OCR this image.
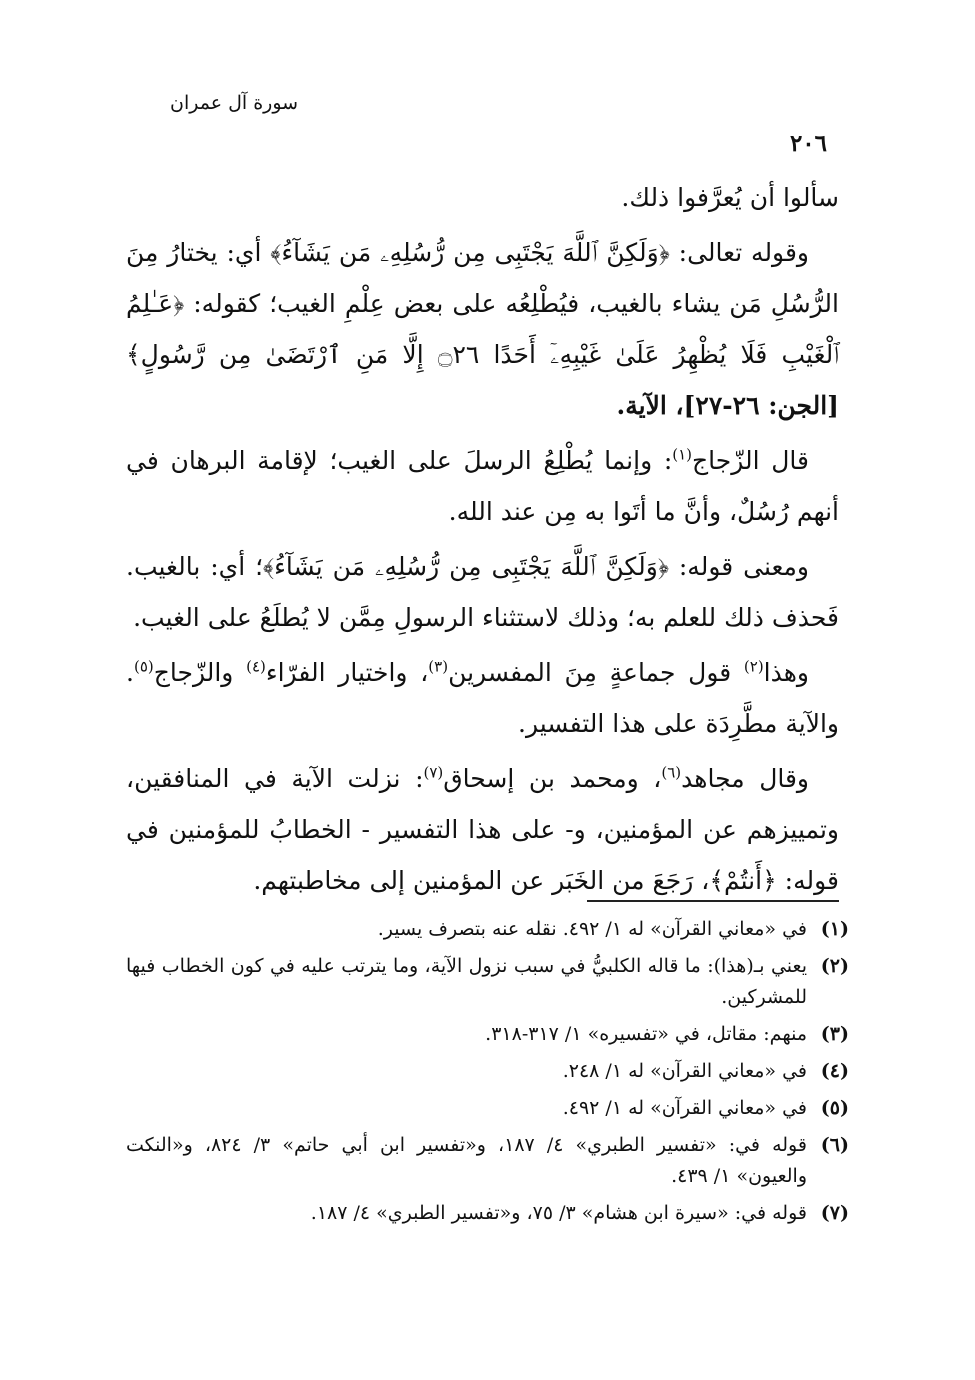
سورة آل عمران
٢٠٦

سألوا أن يُعرَّفوا ذلك.

وقوله تعالى: ﴿وَلَكِنَّ ٱللَّهَ يَجْتَبِى مِن رُّسُلِهِۦ مَن يَشَآءُ﴾ أي: يختارُ مِنَ الرُّسُلِ مَن يشاء بالغيب، فيُطْلِعُه على بعض عِلْمِ الغيب؛ كقوله: ﴿عَـٰلِمُ ٱلْغَيْبِ فَلَا يُظْهِرُ عَلَىٰ غَيْبِهِۦٓ أَحَدًا ۝٢٦ إِلَّا مَنِ ٱرْتَضَىٰ مِن رَّسُولٍ﴾ [الجن: ٢٦-٢٧]، الآية.

قال الزّجاج$^{(١)}$: وإنما يُطْلِعُ الرسلَ على الغيب؛ لإقامة البرهان في أنهم رُسُلٌ، وأنَّ ما أتَوا به مِن عند الله.

ومعنى قوله: ﴿وَلَكِنَّ ٱللَّهَ يَجْتَبِى مِن رُّسُلِهِۦ مَن يَشَآءُ﴾؛ أي: بالغيب. فَحذف ذلك للعلم به؛ وذلك لاستثناء الرسولِ مِمَّن لا يُطلَعُ على الغيب.

وهذا$^{(٢)}$ قول جماعةٍ مِنَ المفسرين$^{(٣)}$، واختيار الفرّاء$^{(٤)}$ والزّجاج$^{(٥)}$. والآية مطَّرِدَة على هذا التفسير.

وقال مجاهد$^{(٦)}$، ومحمد بن إسحاق$^{(٧)}$: نزلت الآية في المنافقين، وتمييزهم عن المؤمنين، و- على هذا التفسير - الخطابُ للمؤمنين في قوله: ﴿أَنتُمْ﴾، رَجَعَ من الخَبَر عن المؤمنين إلى مخاطبتهم.

(١)
في «معاني القرآن» له ١/ ٤٩٢. نقله عنه بتصرف يسير.
(٢)
يعني بـ(هذا): ما قاله الكلبيُّ في سبب نزول الآية، وما يترتب عليه في كون الخطاب فيها للمشركين.
(٣)
منهم: مقاتل، في «تفسيره» ١/ ٣١٧-٣١٨.
(٤)
في «معاني القرآن» له ١/ ٢٤٨.
(٥)
في «معاني القرآن» له ١/ ٤٩٢.
(٦)
قوله في: «تفسير الطبري» ٤/ ١٨٧، و«تفسير ابن أبي حاتم» ٣/ ٨٢٤، و«النكت والعيون» ١/ ٤٣٩.
(٧)
قوله في: «سيرة ابن هشام» ٣/ ٧٥، و«تفسير الطبري» ٤/ ١٨٧.
